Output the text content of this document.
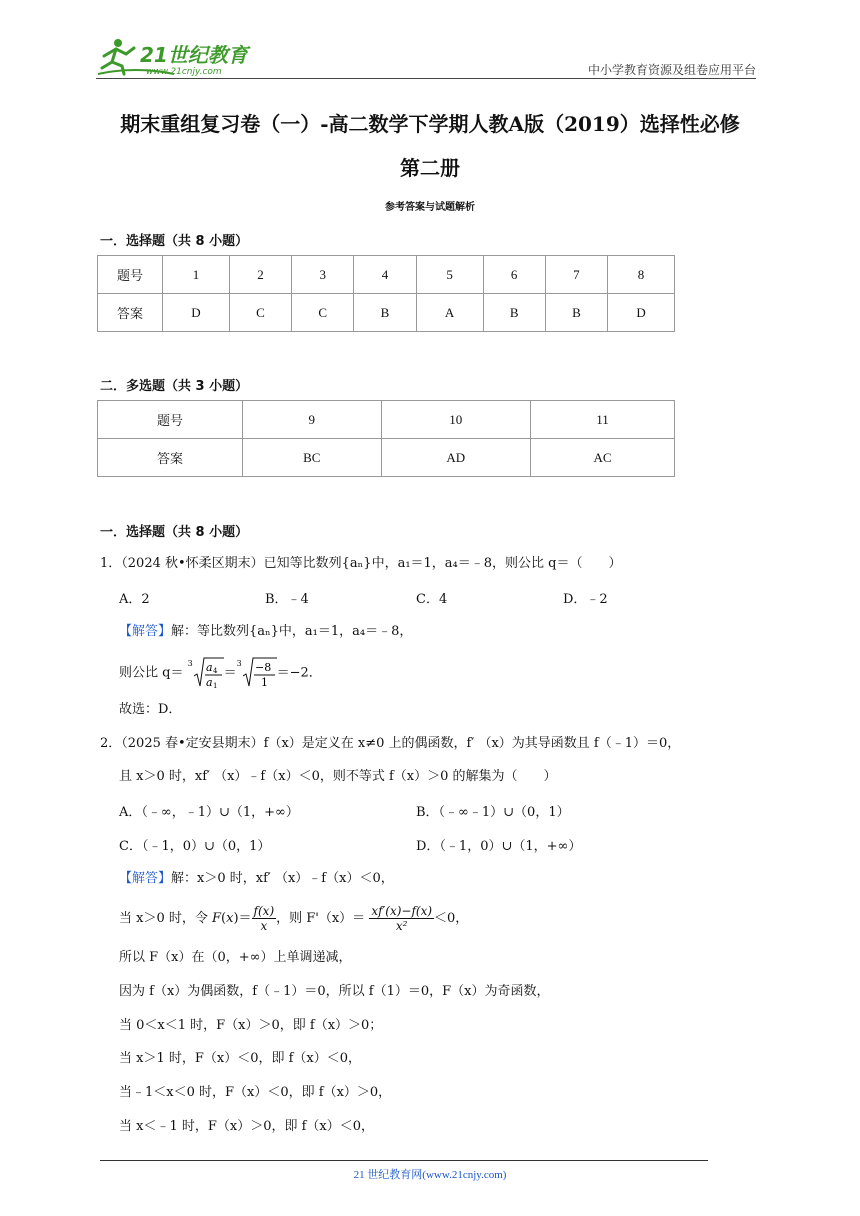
21世纪教育
www.21cnjy.com	中小学教育资源及组卷应用平台
期末重组复习卷（一）-高二数学下学期人教A版（2019）选择性必修
第二册
参考答案与试题解析
一．选择题（共 8 小题）
题号	1	2	3	4	5	6	7	8
答案	D	C	C	B	A	B	B	D
二．多选题（共 3 小题）
题号	9	10	11
答案	BC	AD	AC
一．选择题（共 8 小题）
1．（2024 秋•怀柔区期末）已知等比数列{aₙ}中，a₁＝1，a₄＝﹣8，则公比 q＝（　　）
A．2	B．﹣4	C．4	D．﹣2
【解答】解：等比数列{aₙ}中，a₁＝1，a₄＝﹣8，
则公比 q＝
3 a 4
a 1
＝
3 −8
1
＝−2．
故选：D．
2．（2025 春•定安县期末）f（x）是定义在 x≠0 上的偶函数，f′ （x）为其导函数且 f（﹣1）＝0，
且 x＞0 时，xf′ （x）﹣f（x）＜0，则不等式 f（x）＞0 的解集为（　　）
A．（﹣∞，﹣1）∪（1，+∞）	B．（﹣∞﹣1）∪（0，1）
C．（﹣1，0）∪（0，1）	D．（﹣1，0）∪（1，+∞）
【解答】解：x＞0 时，xf′ （x）﹣f（x）＜0，
当 x＞0 时，令 $F(x)= \frac{f(x)}{x}$ ，则 $F'(x)= \frac{xf'(x)-f(x)}{\text{x²}} <0$，
所以 F（x）在（0，+∞）上单调递减，
因为 f（x）为偶函数，f（﹣1）＝0，所以 f（1）＝0，F（x）为奇函数，
当 0＜x＜1 时，F（x）＞0，即 f（x）＞0；
当 x＞1 时，F（x）＜0，即 f（x）＜0，
当﹣1＜x＜0 时，F（x）＜0，即 f（x）＞0，
当 x＜﹣1 时，F（x）＞0，即 f（x）＜0，
21 世纪教育网(www.21cnjy.com)
